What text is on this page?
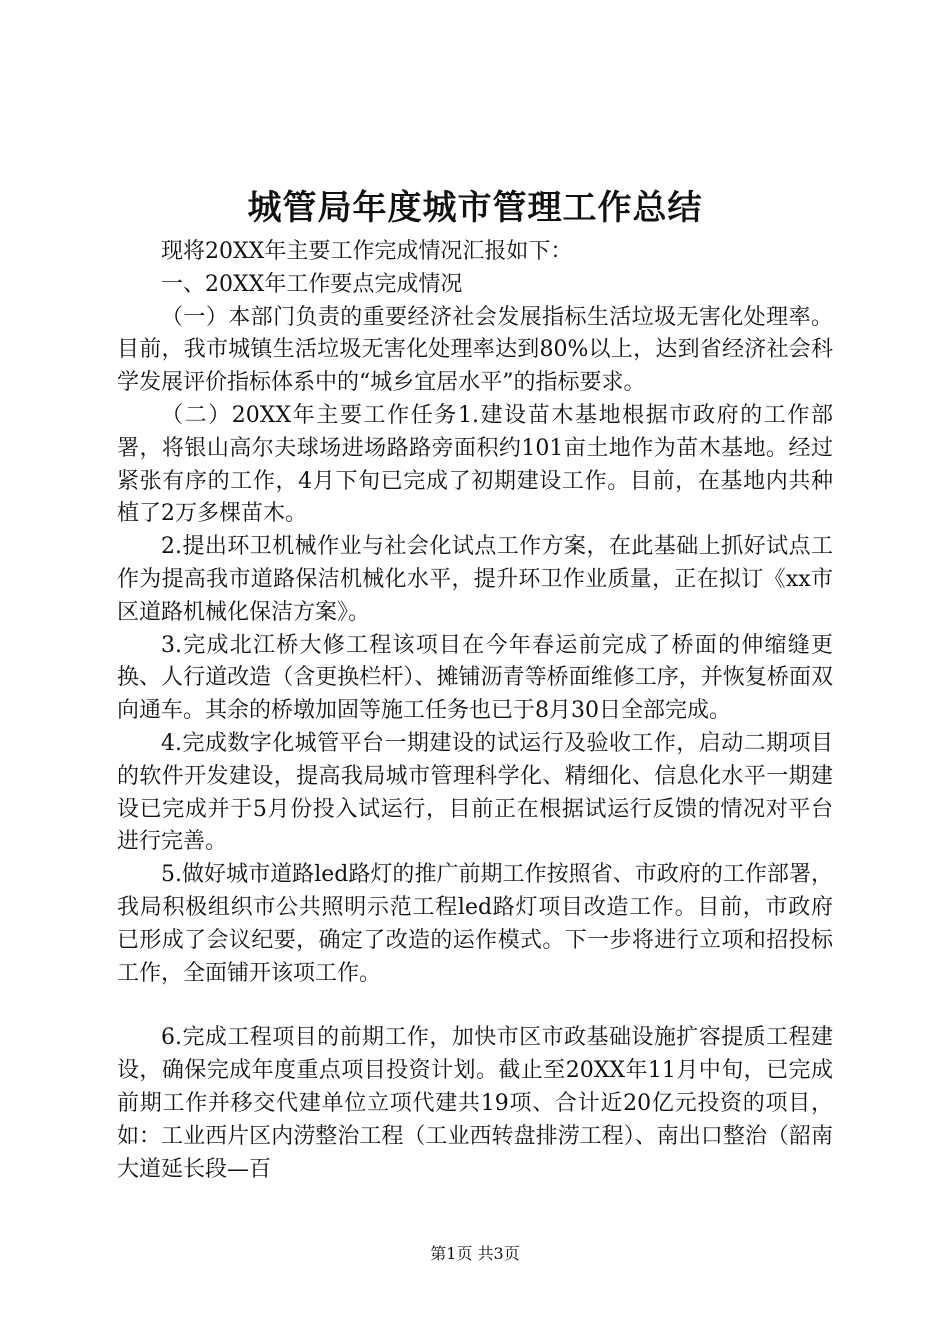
城管局年度城市管理工作总结

现将20XX年主要工作完成情况汇报如下：

一、20XX年工作要点完成情况

（一）本部门负责的重要经济社会发展指标生活垃圾无害化处理率。目前，我市城镇生活垃圾无害化处理率达到80%以上，达到省经济社会科学发展评价指标体系中的“城乡宜居水平”的指标要求。

（二）20XX年主要工作任务1.建设苗木基地根据市政府的工作部署，将银山高尔夫球场进场路路旁面积约101亩土地作为苗木基地。经过紧张有序的工作，4月下旬已完成了初期建设工作。目前，在基地内共种植了2万多棵苗木。

2.提出环卫机械作业与社会化试点工作方案，在此基础上抓好试点工作为提高我市道路保洁机械化水平，提升环卫作业质量，正在拟订《xx市区道路机械化保洁方案》。

3.完成北江桥大修工程该项目在今年春运前完成了桥面的伸缩缝更换、人行道改造（含更换栏杆）、摊铺沥青等桥面维修工序，并恢复桥面双向通车。其余的桥墩加固等施工任务也已于8月30日全部完成。

4.完成数字化城管平台一期建设的试运行及验收工作，启动二期项目的软件开发建设，提高我局城市管理科学化、精细化、信息化水平一期建设已完成并于5月份投入试运行，目前正在根据试运行反馈的情况对平台进行完善。

5.做好城市道路led路灯的推广前期工作按照省、市政府的工作部署，我局积极组织市公共照明示范工程led路灯项目改造工作。目前，市政府已形成了会议纪要，确定了改造的运作模式。下一步将进行立项和招投标工作，全面铺开该项工作。

6.完成工程项目的前期工作，加快市区市政基础设施扩容提质工程建设，确保完成年度重点项目投资计划。截止至20XX年11月中旬，已完成前期工作并移交代建单位立项代建共19项、合计近20亿元投资的项目，如：工业西片区内涝整治工程（工业西转盘排涝工程）、南出口整治（韶南大道延长段—百

第1页 共3页
